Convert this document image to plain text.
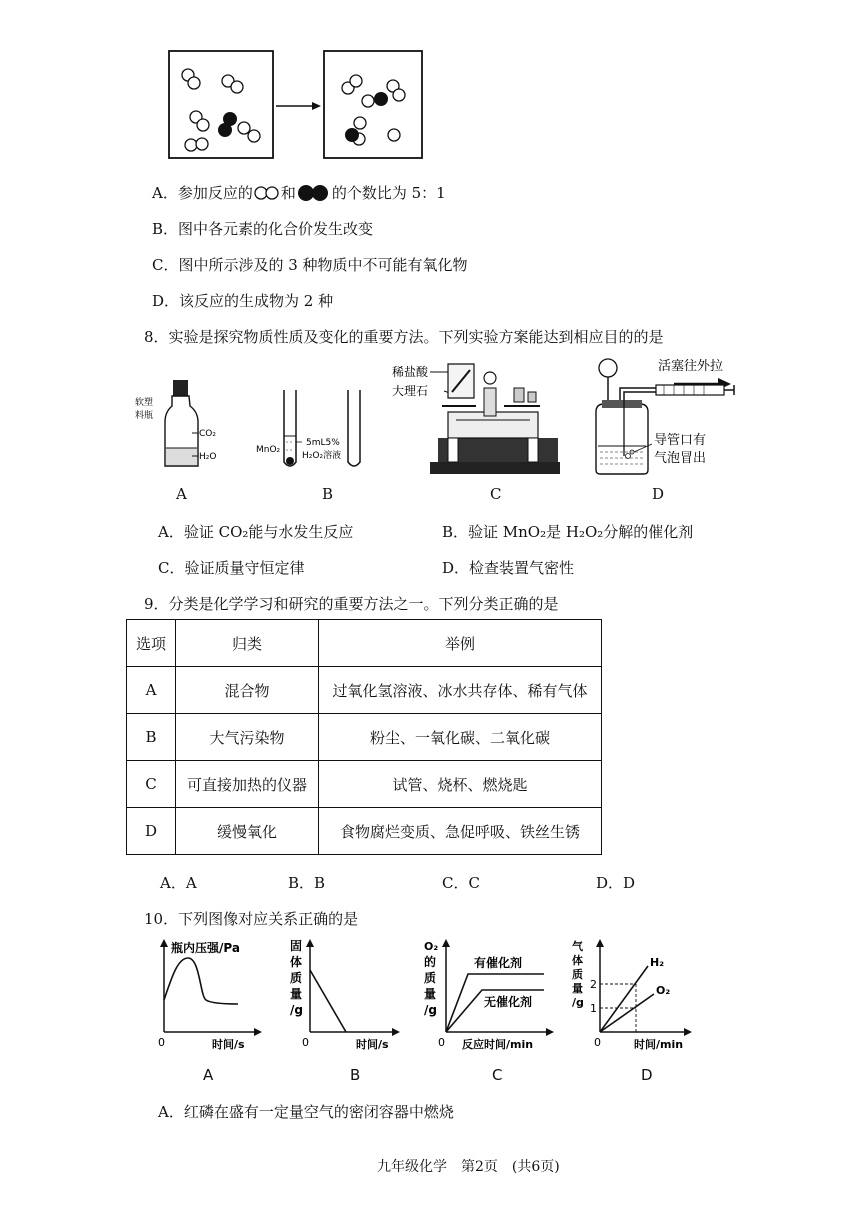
A．参加反应的 和 的个数比为 5：1
B．图中各元素的化合价发生改变
C．图中所示涉及的 3 种物质中不可能有氧化物
D．该反应的生成物为 2 种
8．实验是探究物质性质及变化的重要方法。下列实验方案能达到相应目的的是
软塑
料瓶
CO₂
H₂O
A
MnO₂
5mL5%
H₂O₂溶液
B
稀盐酸
大理石
C
活塞往外拉
导管口有
气泡冒出
D
A．验证 CO₂能与水发生反应	B．验证 MnO₂是 H₂O₂分解的催化剂
C．验证质量守恒定律	D．检查装置气密性
9．分类是化学学习和研究的重要方法之一。下列分类正确的是
选项	归类	举例
A	混合物	过氧化氢溶液、冰水共存体、稀有气体
B	大气污染物	粉尘、一氧化碳、二氧化碳
C	可直接加热的仪器	试管、烧杯、燃烧匙
D	缓慢氧化	食物腐烂变质、急促呼吸、铁丝生锈
A．A	B．B	C．C	D．D
10．下列图像对应关系正确的是
瓶内压强/Pa
0	时间/s
A
固
体
质
量
/g
0	时间/s
B
O₂
的
质
量
/g
有催化剂
无催化剂
0 反应时间/min
C
气
体
质
量
/g
2
1
H₂
O₂
0	时间/min
D
A．红磷在盛有一定量空气的密闭容器中燃烧
九年级化学　第2页　(共6页)
